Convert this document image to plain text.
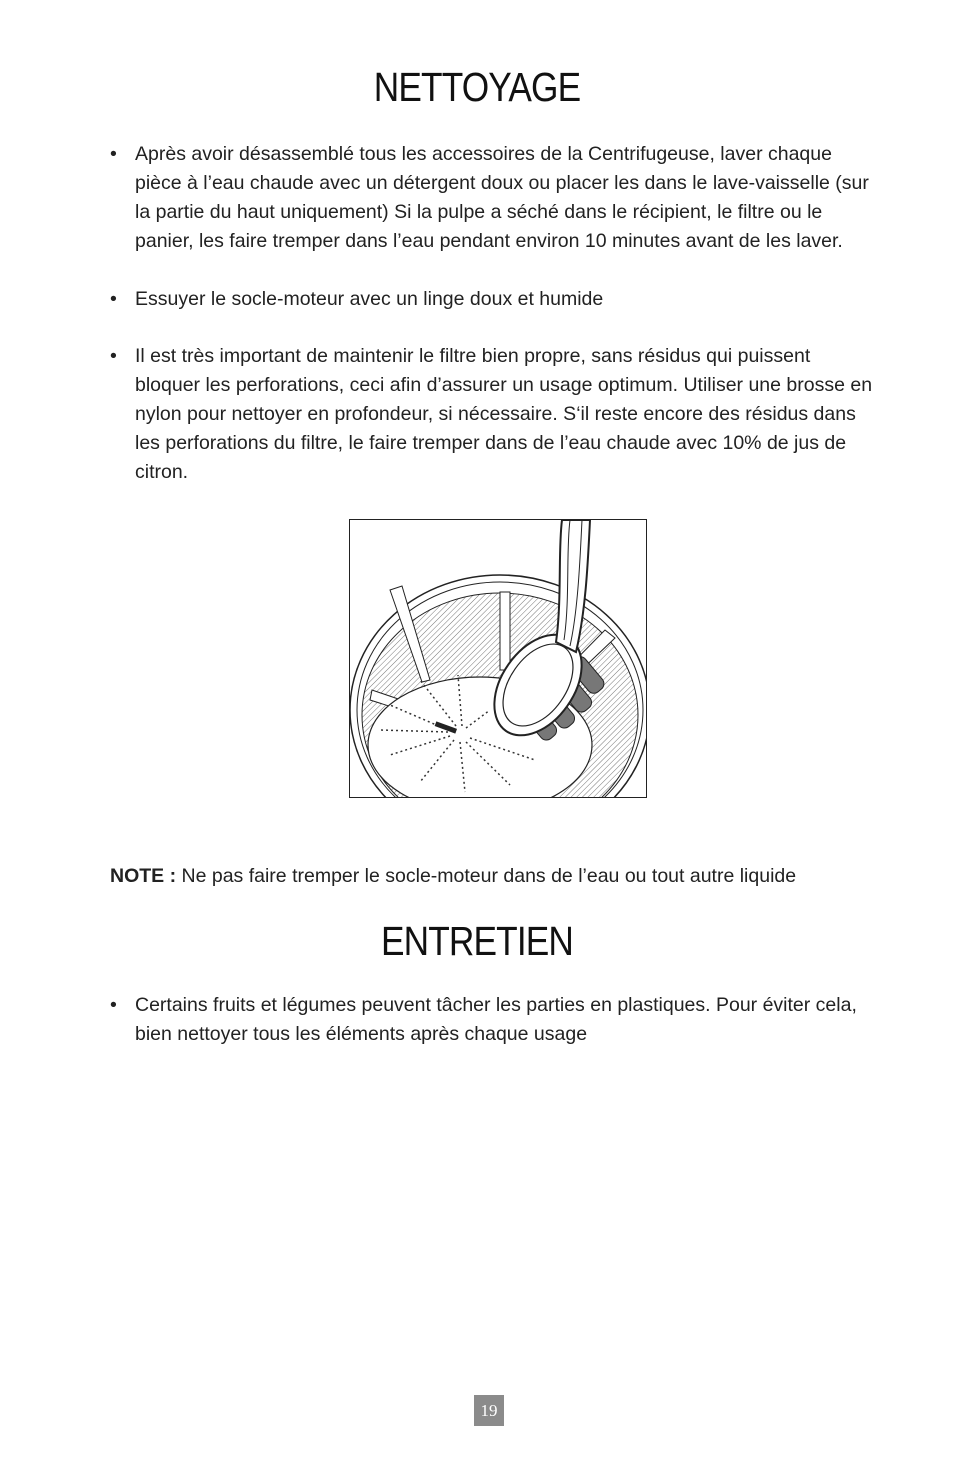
NETTOYAGE
• Après avoir désassemblé tous les accessoires de la Centrifugeuse, laver chaque pièce à l’eau chaude avec un détergent doux ou placer les dans le lave-vaisselle (sur la partie du haut uniquement) Si la pulpe a séché dans le récipient, le filtre ou le panier, les faire tremper dans l’eau pendant environ 10 minutes avant de les laver.
• Essuyer le socle-moteur avec un linge doux et humide
• Il est très important de maintenir le filtre bien propre, sans résidus qui puissent bloquer les perforations, ceci afin d’assurer un usage optimum. Utiliser une brosse en nylon pour nettoyer en profondeur, si nécessaire. S‘il reste encore des résidus dans les perforations du filtre, le faire tremper dans de l’eau chaude avec 10% de jus de citron.
NOTE : Ne pas faire tremper le socle-moteur dans de l’eau ou tout autre liquide
ENTRETIEN
• Certains fruits et légumes peuvent tâcher les parties en plastiques. Pour éviter cela, bien nettoyer tous les éléments après chaque usage
19
